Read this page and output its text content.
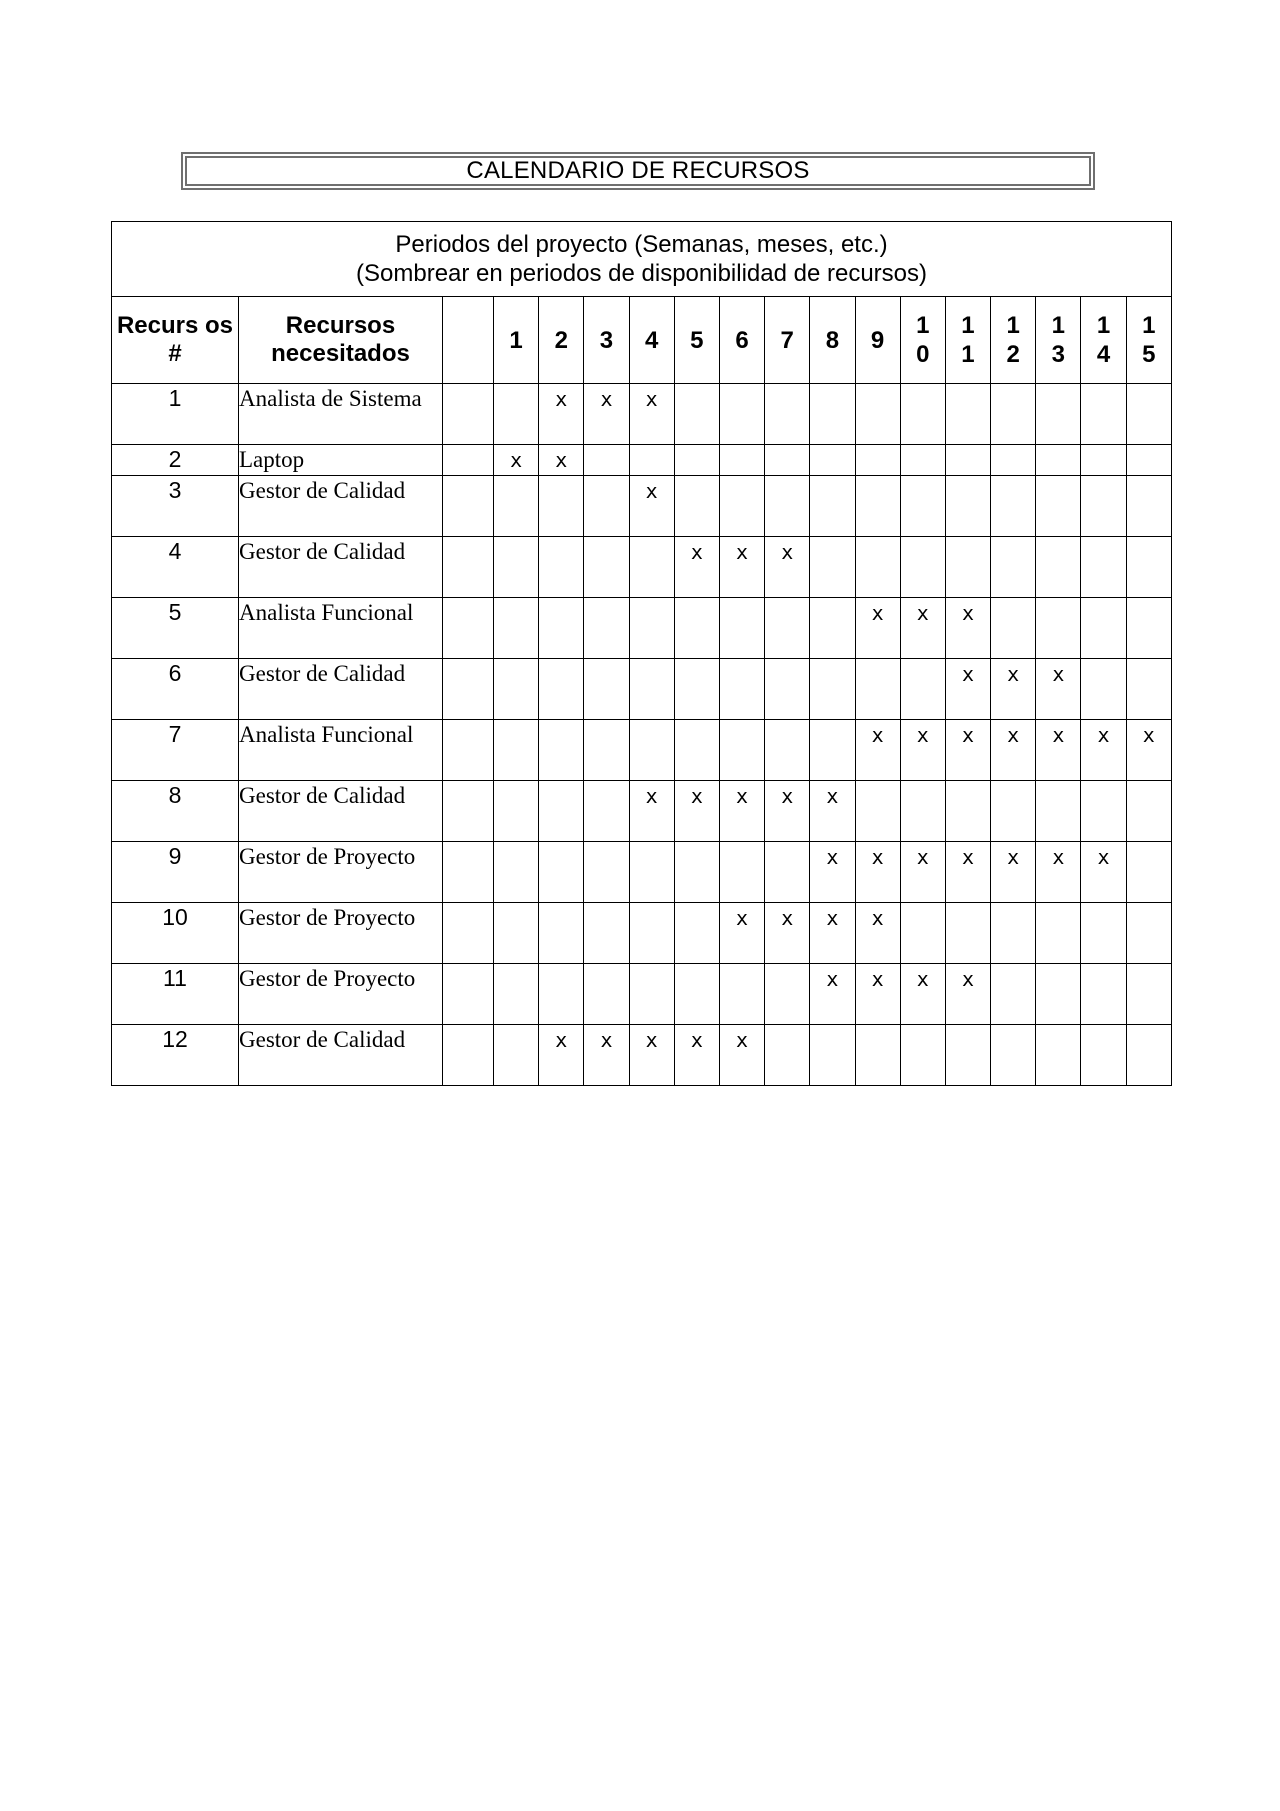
CALENDARIO DE RECURSOS
Periodos del proyecto (Semanas, meses, etc.)
(Sombrear en periodos de disponibilidad de recursos)																	

Recurs os #	Recursos necesitados		1	2	3	4	5	6	7	8	9	10	11	12	13	14	15

1	Analista de Sistema			x	x	x											
2	Laptop		x	x													
3	Gestor de Calidad					x											
4	Gestor de Calidad						x	x	x								
5	Analista Funcional										x	x	x				
6	Gestor de Calidad												x	x	x		
7	Analista Funcional										x	x	x	x	x	x	x
8	Gestor de Calidad					x	x	x	x	x							
9	Gestor de Proyecto									x	x	x	x	x	x	x	
10	Gestor de Proyecto							x	x	x	x						
11	Gestor de Proyecto									x	x	x	x				
12	Gestor de Calidad			x	x	x	x	x									
